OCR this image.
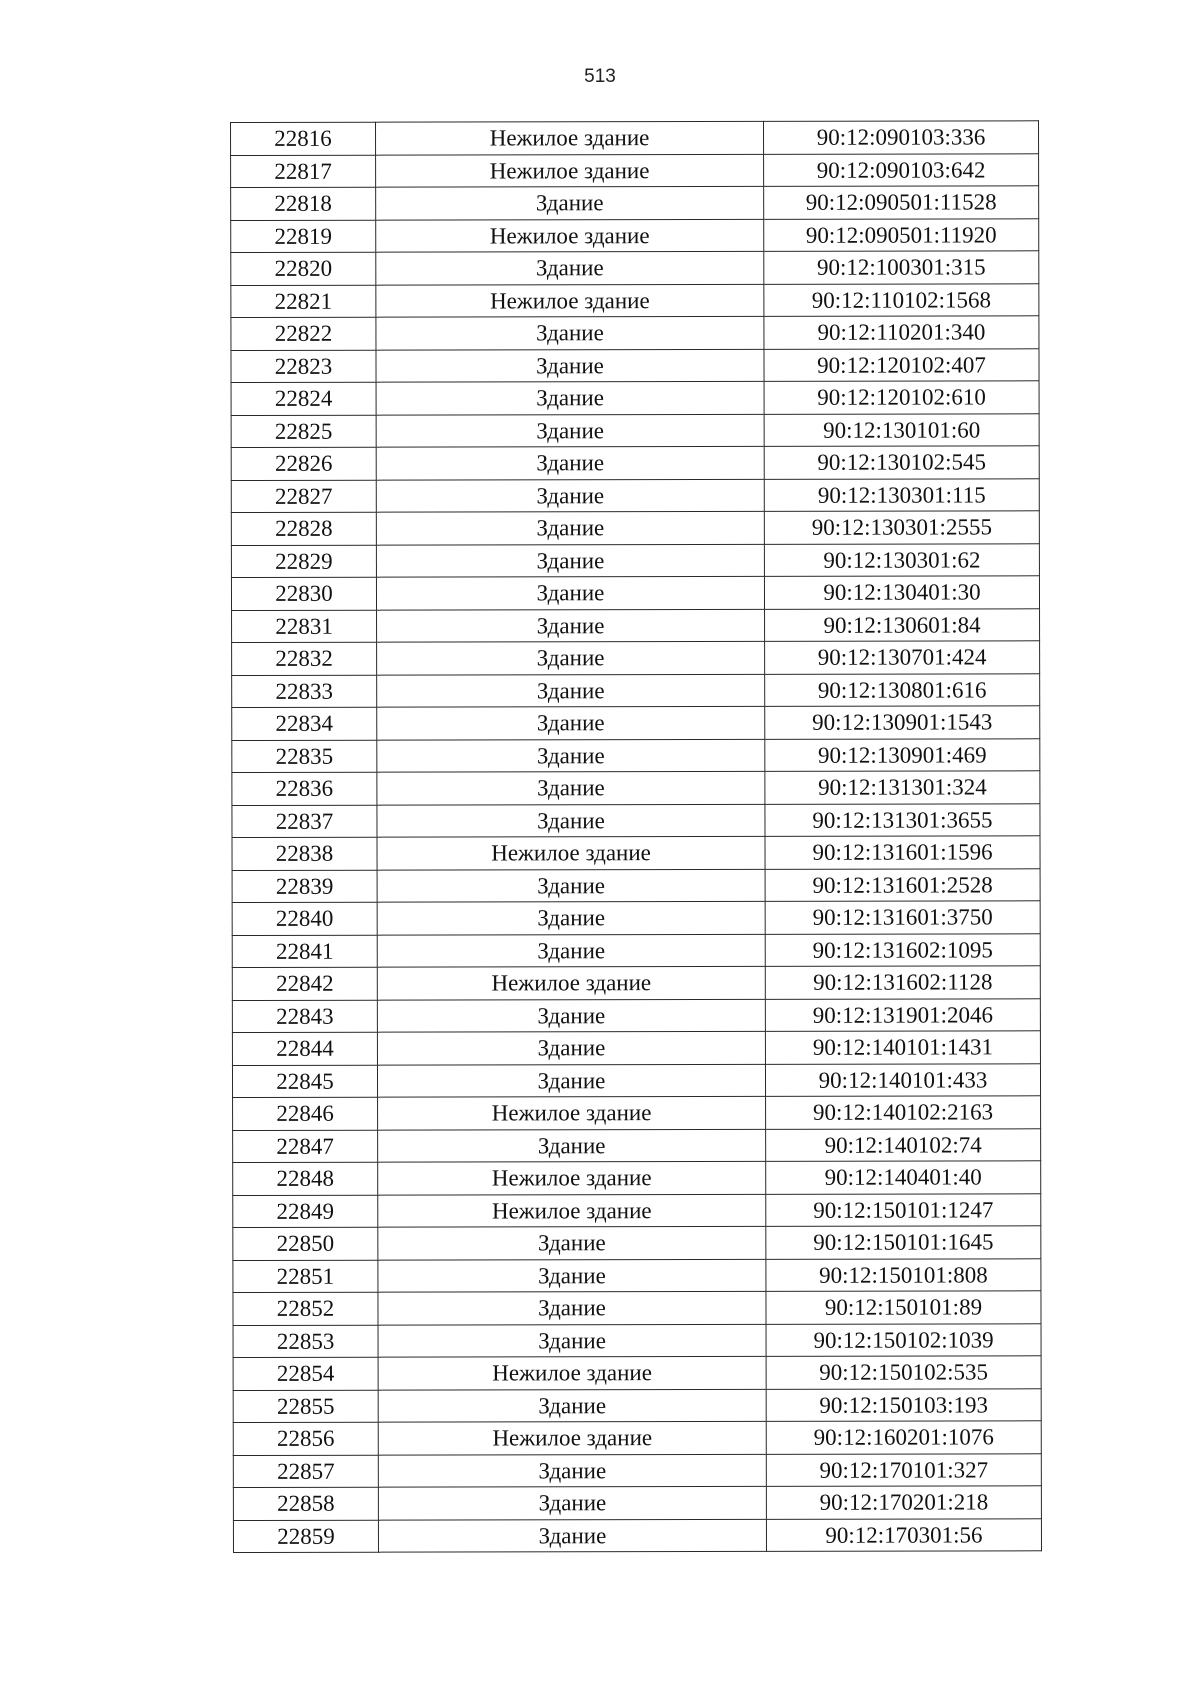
513
22816	Нежилое здание	90:12:090103:336
22817	Нежилое здание	90:12:090103:642
22818	Здание	90:12:090501:11528
22819	Нежилое здание	90:12:090501:11920
22820	Здание	90:12:100301:315
22821	Нежилое здание	90:12:110102:1568
22822	Здание	90:12:110201:340
22823	Здание	90:12:120102:407
22824	Здание	90:12:120102:610
22825	Здание	90:12:130101:60
22826	Здание	90:12:130102:545
22827	Здание	90:12:130301:115
22828	Здание	90:12:130301:2555
22829	Здание	90:12:130301:62
22830	Здание	90:12:130401:30
22831	Здание	90:12:130601:84
22832	Здание	90:12:130701:424
22833	Здание	90:12:130801:616
22834	Здание	90:12:130901:1543
22835	Здание	90:12:130901:469
22836	Здание	90:12:131301:324
22837	Здание	90:12:131301:3655
22838	Нежилое здание	90:12:131601:1596
22839	Здание	90:12:131601:2528
22840	Здание	90:12:131601:3750
22841	Здание	90:12:131602:1095
22842	Нежилое здание	90:12:131602:1128
22843	Здание	90:12:131901:2046
22844	Здание	90:12:140101:1431
22845	Здание	90:12:140101:433
22846	Нежилое здание	90:12:140102:2163
22847	Здание	90:12:140102:74
22848	Нежилое здание	90:12:140401:40
22849	Нежилое здание	90:12:150101:1247
22850	Здание	90:12:150101:1645
22851	Здание	90:12:150101:808
22852	Здание	90:12:150101:89
22853	Здание	90:12:150102:1039
22854	Нежилое здание	90:12:150102:535
22855	Здание	90:12:150103:193
22856	Нежилое здание	90:12:160201:1076
22857	Здание	90:12:170101:327
22858	Здание	90:12:170201:218
22859	Здание	90:12:170301:56
